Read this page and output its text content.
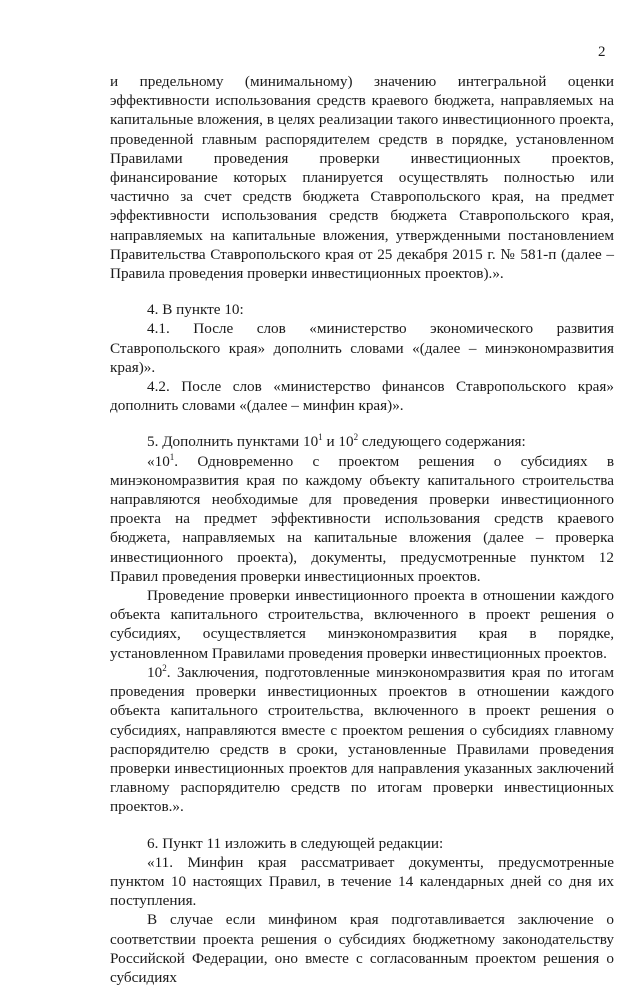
2

и предельному (минимальному) значению интегральной оценки эффективности использования средств краевого бюджета, направляемых на капитальные вложения, в целях реализации такого инвестиционного проекта, проведенной главным распорядителем средств в порядке, установленном Правилами проведения проверки инвестиционных проектов, финансирование которых планируется осуществлять полностью или частично за счет средств бюджета Ставропольского края, на предмет эффективности использования средств бюджета Ставропольского края, направляемых на капитальные вложения, утвержденными постановлением Правительства Ставропольского края от 25 декабря 2015 г. № 581-п (далее – Правила проведения проверки инвестиционных проектов).».

4. В пункте 10:

4.1. После слов «министерство экономического развития Ставропольского края» дополнить словами «(далее – минэкономразвития края)».

4.2. После слов «министерство финансов Ставропольского края» дополнить словами «(далее – минфин края)».

5. Дополнить пунктами $10^1$ и $10^2$ следующего содержания:

«$10^1$. Одновременно с проектом решения о субсидиях в минэкономразвития края по каждому объекту капитального строительства направляются необходимые для проведения проверки инвестиционного проекта на предмет эффективности использования средств краевого бюджета, направляемых на капитальные вложения (далее – проверка инвестиционного проекта), документы, предусмотренные пунктом 12 Правил проведения проверки инвестиционных проектов.

Проведение проверки инвестиционного проекта в отношении каждого объекта капитального строительства, включенного в проект решения о субсидиях, осуществляется минэкономразвития края в порядке, установленном Правилами проведения проверки инвестиционных проектов.

$10^2$. Заключения, подготовленные минэкономразвития края по итогам проведения проверки инвестиционных проектов в отношении каждого объекта капитального строительства, включенного в проект решения о субсидиях, направляются вместе с проектом решения о субсидиях главному распорядителю средств в сроки, установленные Правилами проведения проверки инвестиционных проектов для направления указанных заключений главному распорядителю средств по итогам проверки инвестиционных проектов.».

6. Пункт 11 изложить в следующей редакции:

«11. Минфин края рассматривает документы, предусмотренные пунктом 10 настоящих Правил, в течение 14 календарных дней со дня их поступления.

В случае если минфином края подготавливается заключение о соответствии проекта решения о субсидиях бюджетному законодательству Российской Федерации, оно вместе с согласованным проектом решения о субсидиях
